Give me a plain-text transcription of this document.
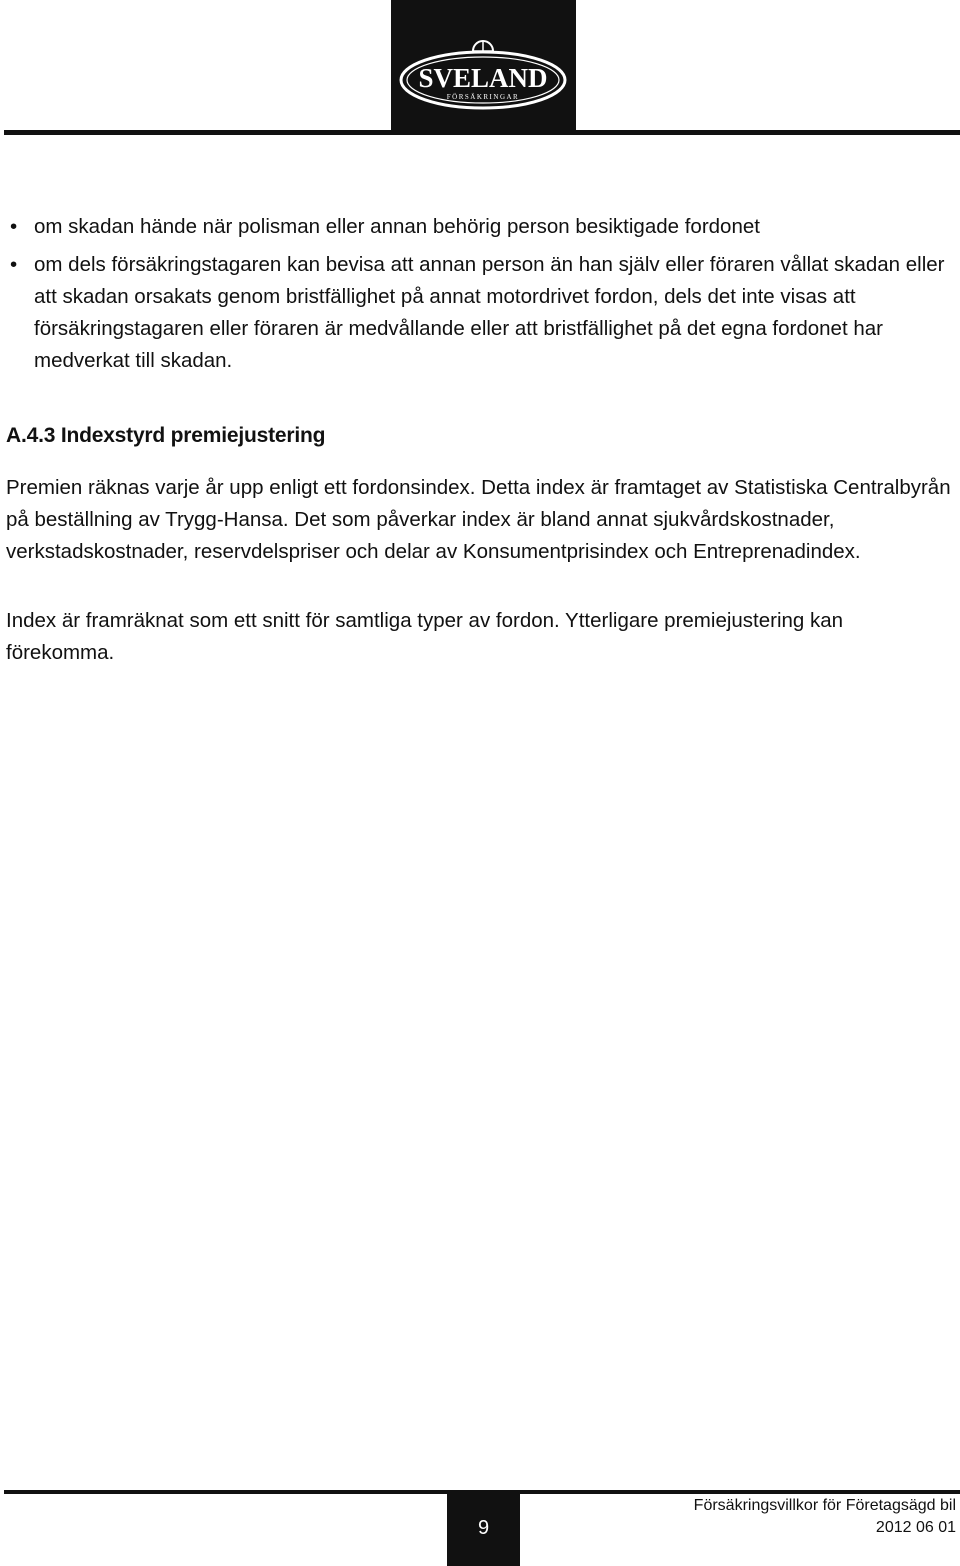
SVELAND
FÖRSÄKRINGAR
• om skadan hände när polisman eller annan behörig person besiktigade fordonet
• om dels försäkringstagaren kan bevisa att annan person än han själv eller föraren vållat skadan eller att skadan orsakats genom bristfällighet på annat motordrivet fordon, dels det inte visas att försäkringstagaren eller föraren är medvållande eller att bristfällighet på det egna fordonet har medverkat till skadan.
A.4.3 Indexstyrd premiejustering

Premien räknas varje år upp enligt ett fordonsindex. Detta index är framtaget av Statistiska Centralbyrån på beställning av Trygg-Hansa. Det som påverkar index är bland annat sjukvårdskostnader, verkstadskostnader, reservdelspriser och delar av Konsumentprisindex och Entreprenadindex.

Index är framräknat som ett snitt för samtliga typer av fordon. Ytterligare premiejustering kan förekomma.

9
Försäkringsvillkor för Företagsägd bil
2012 06 01
